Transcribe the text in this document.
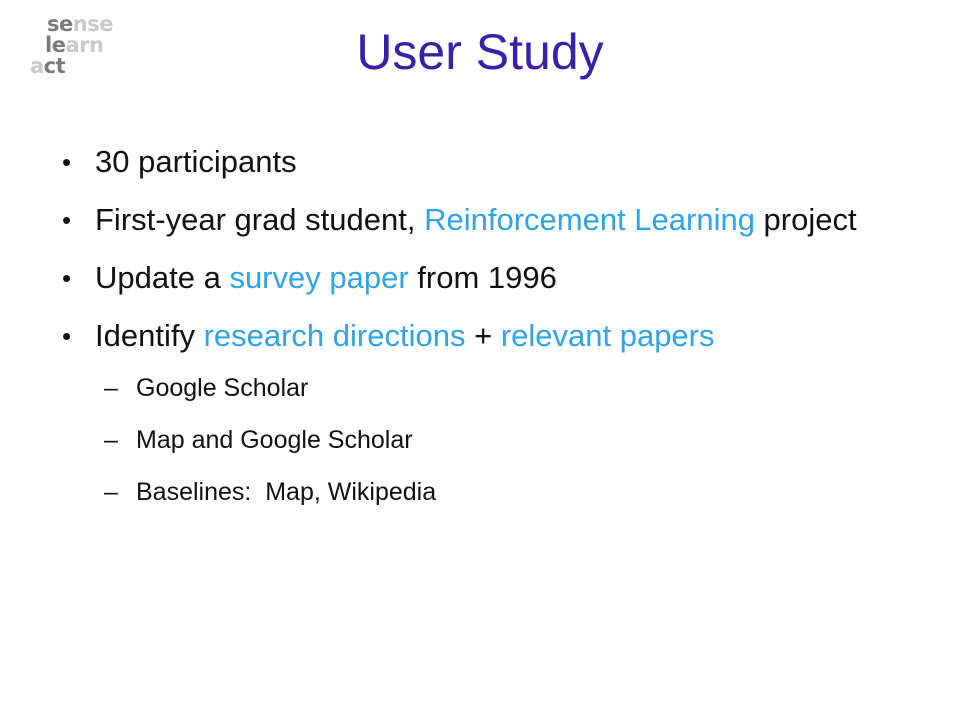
sense
learn
act	User Study
• 30 participants
• First-year grad student, Reinforcement Learning project
• Update a survey paper from 1996
• Identify research directions + relevant papers
– Google Scholar
– Map and Google Scholar
– Baselines:  Map, Wikipedia
